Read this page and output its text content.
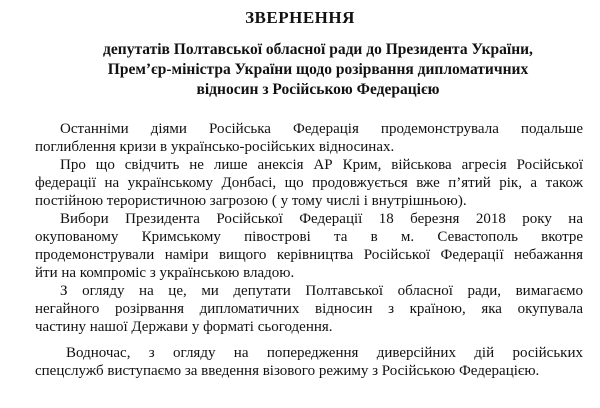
ЗВЕРНЕННЯ
депутатів Полтавської обласної ради до Президента України,
Прем’єр-міністра України щодо розірвання дипломатичних
відносин з Російською Федерацією
Останніми діями Російська Федерація продемонструвала подальше
поглиблення кризи в українсько-російських відносинах.
Про що свідчить не лише анексія АР Крим, військова агресія Російської
федерації на українському Донбасі, що продовжується вже п’ятий рік, а також
постійною терористичною загрозою ( у тому числі і внутрішньою).
Вибори Президента Російської Федерації 18 березня 2018 року на
окупованому Кримському півострові та в м. Севастополь вкотре
продемонстрували наміри вищого керівництва Російської Федерації небажання
йти на компроміс з українською владою.
З огляду на це, ми депутати Полтавської обласної ради, вимагаємо
негайного розірвання дипломатичних відносин з країною, яка окупувала
частину нашої Держави у форматі сьогодення.
Водночас, з огляду на попередження диверсійних дій російських
спецслужб виступаємо за введення візового режиму з Російською Федерацією.
